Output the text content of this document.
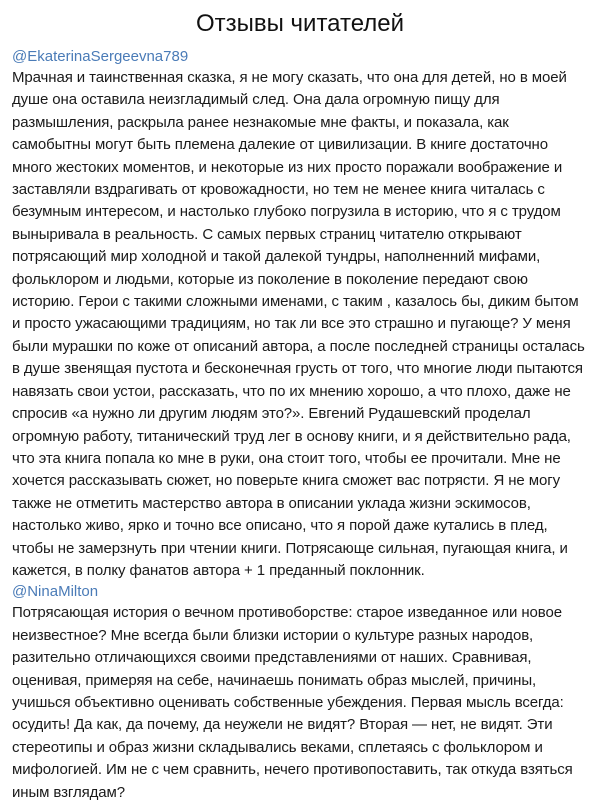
Отзывы читателей
@EkaterinaSergeevna789

Мрачная и таинственная сказка, я не могу сказать, что она для детей, но в моей душе она оставила неизгладимый след. Она дала огромную пищу для размышления, раскрыла ранее незнакомые мне факты, и показала, как самобытны могут быть племена далекие от цивилизации. В книге достаточно много жестоких моментов, и некоторые из них просто поражали воображение и заставляли вздрагивать от кровожадности, но тем не менее книга читалась с безумным интересом, и настолько глубоко погрузила в историю, что я с трудом выныривала в реальность. С самых первых страниц читателю открывают потрясающий мир холодной и такой далекой тундры, наполненний мифами, фольклором и людьми, которые из поколение в поколение передают свою историю. Герои с такими сложными именами, с таким , казалось бы, диким бытом и просто ужасающими традициям, но так ли все это страшно и пугающе? У меня были мурашки по коже от описаний автора, а после последней страницы осталась в душе звенящая пустота и бесконечная грусть от того, что многие люди пытаются навязать свои устои, рассказать, что по их мнению хорошо, а что плохо, даже не спросив «а нужно ли другим людям это?». Евгений Рудашевский проделал огромную работу, титанический труд лег в основу книги, и я действительно рада, что эта книга попала ко мне в руки, она стоит того, чтобы ее прочитали. Мне не хочется рассказывать сюжет, но поверьте книга сможет вас потрясти. Я не могу также не отметить мастерство автора в описании уклада жизни эскимосов, настолько живо, ярко и точно все описано, что я порой даже кутались в плед, чтобы не замерзнуть при чтении книги. Потрясающе сильная, пугающая книга, и кажется, в полку фанатов автора + 1 преданный поклонник.

@NinaMilton

Потрясающая история о вечном противоборстве: старое изведанное или новое неизвестное? Мне всегда были близки истории о культуре разных народов, разительно отличающихся своими представлениями от наших. Сравнивая, оценивая, примеряя на себе, начинаешь понимать образ мыслей, причины, учишься объективно оценивать собственные убеждения. Первая мысль всегда: осудить! Да как, да почему, да неужели не видят? Вторая — нет, не видят. Эти стереотипы и образ жизни складывались веками, сплетаясь с фольклором и мифологией. Им не с чем сравнить, нечего противопоставить, так откуда взяться иным взглядам?
